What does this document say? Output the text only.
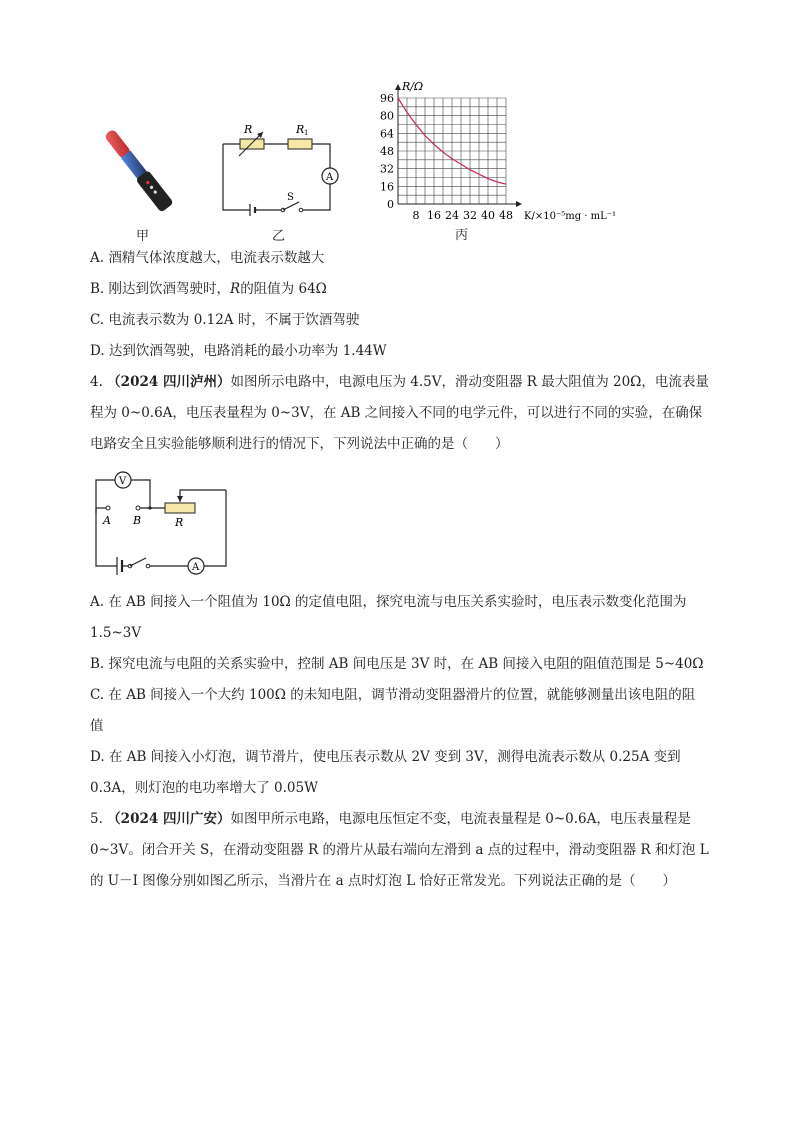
甲
R	R 1
A
S
乙
96
80
64
48
32
16
0
8 16 24 32 40 48
R/Ω
K/×10⁻⁵mg · mL⁻¹
A. 酒精气体浓度越大，电流表示数越大
B. 刚达到饮酒驾驶时，R的阻值为 64Ω
C. 电流表示数为 0.12A 时，不属于饮酒驾驶
D. 达到饮酒驾驶，电路消耗的最小功率为 1.44W
4. （2024 四川泸州）如图所示电路中，电源电压为 4.5V，滑动变阻器 R 最大阻值为 20Ω，电流表量
程为 0~0.6A，电压表量程为 0~3V，在 AB 之间接入不同的电学元件，可以进行不同的实验，在确保
电路安全且实验能够顺利进行的情况下，下列说法中正确的是（　　）
V
A B	R
A
A. 在 AB 间接入一个阻值为 10Ω 的定值电阻，探究电流与电压关系实验时，电压表示数变化范围为
1.5~3V
B. 探究电流与电阻的关系实验中，控制 AB 间电压是 3V 时，在 AB 间接入电阻的阻值范围是 5~40Ω
C. 在 AB 间接入一个大约 100Ω 的未知电阻，调节滑动变阻器滑片的位置，就能够测量出该电阻的阻
值
D. 在 AB 间接入小灯泡，调节滑片，使电压表示数从 2V 变到 3V，测得电流表示数从 0.25A 变到
0.3A，则灯泡的电功率增大了 0.05W
5. （2024 四川广安）如图甲所示电路，电源电压恒定不变，电流表量程是 0~0.6A，电压表量程是
0~3V。闭合开关 S，在滑动变阻器 R 的滑片从最右端向左滑到 a 点的过程中，滑动变阻器 R 和灯泡 L
的 U－I 图像分别如图乙所示，当滑片在 a 点时灯泡 L 恰好正常发光。下列说法正确的是（　　）
丙
